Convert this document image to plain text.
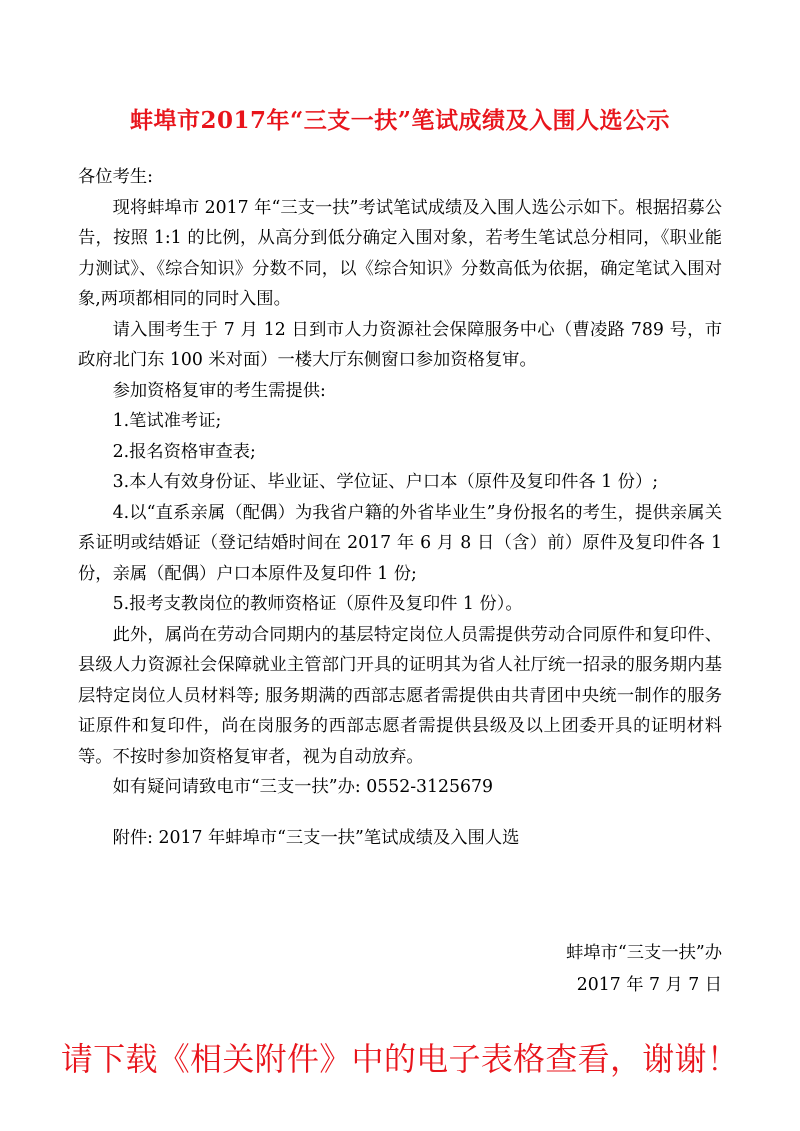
蚌埠市2017年“三支一扶”笔试成绩及入围人选公示

各位考生:

现将蚌埠市 2017 年“三支一扶”考试笔试成绩及入围人选公示如下。根据招募公告，按照 1:1 的比例，从高分到低分确定入围对象，若考生笔试总分相同，《职业能力测试》、《综合知识》分数不同，以《综合知识》分数高低为依据，确定笔试入围对象,两项都相同的同时入围。

请入围考生于 7 月 12 日到市人力资源社会保障服务中心（曹凌路 789 号，市政府北门东 100 米对面）一楼大厅东侧窗口参加资格复审。

参加资格复审的考生需提供:

1.笔试准考证;

2.报名资格审查表;

3.本人有效身份证、毕业证、学位证、户口本（原件及复印件各 1 份）;

4.以“直系亲属（配偶）为我省户籍的外省毕业生”身份报名的考生，提供亲属关系证明或结婚证（登记结婚时间在 2017 年 6 月 8 日（含）前）原件及复印件各 1 份，亲属（配偶）户口本原件及复印件 1 份;

5.报考支教岗位的教师资格证（原件及复印件 1 份）。

此外，属尚在劳动合同期内的基层特定岗位人员需提供劳动合同原件和复印件、县级人力资源社会保障就业主管部门开具的证明其为省人社厅统一招录的服务期内基层特定岗位人员材料等; 服务期满的西部志愿者需提供由共青团中央统一制作的服务证原件和复印件，尚在岗服务的西部志愿者需提供县级及以上团委开具的证明材料等。不按时参加资格复审者，视为自动放弃。

如有疑问请致电市“三支一扶”办: 0552-3125679

附件: 2017 年蚌埠市“三支一扶”笔试成绩及入围人选

蚌埠市“三支一扶”办
2017 年 7 月 7 日
请下载《相关附件》中的电子表格查看，谢谢！
